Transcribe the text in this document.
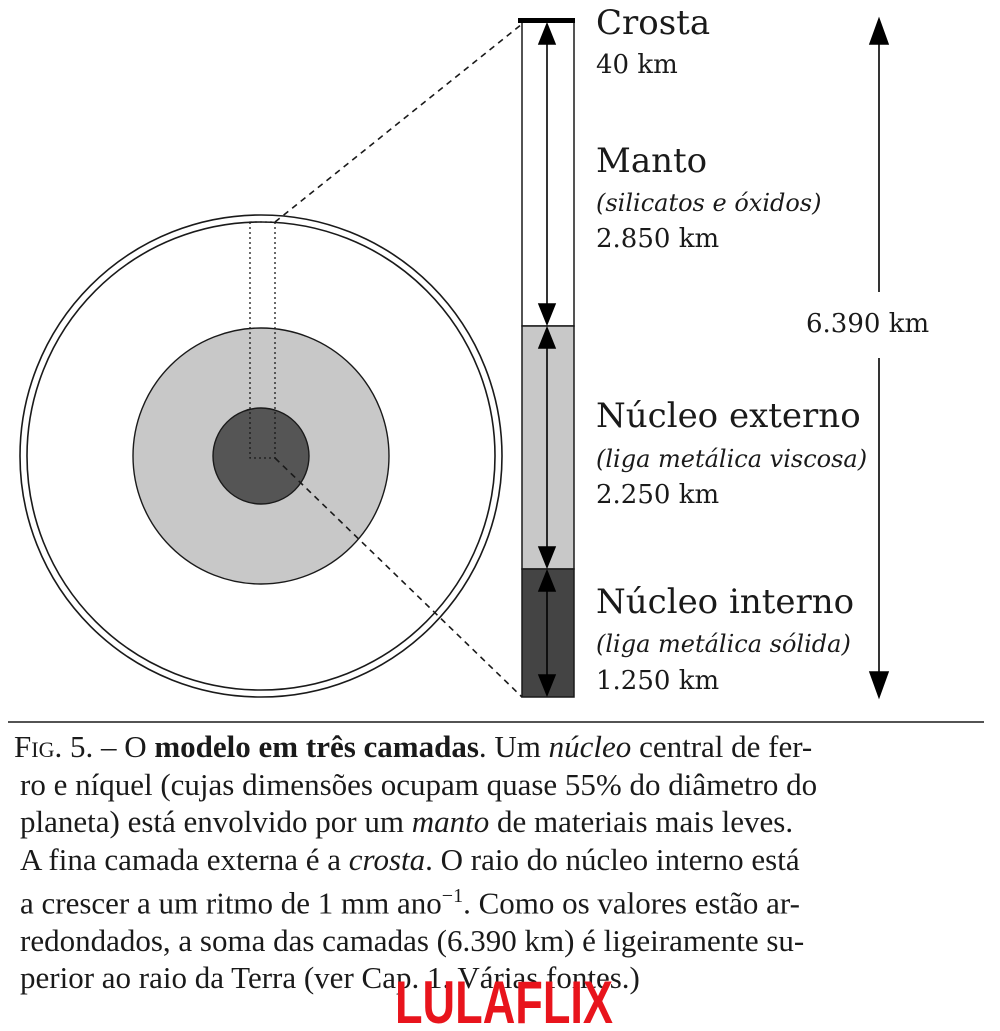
6.390 km
Crosta
40 km
Manto
(silicatos e óxidos)
2.850 km
Núcleo externo
(liga metálica viscosa)
2.250 km
Núcleo interno
(liga metálica sólida)
1.250 km
Fig. 5. – O modelo em três camadas. Um núcleo central de fer-
ro e níquel (cujas dimensões ocupam quase 55% do diâmetro do
planeta) está envolvido por um manto de materiais mais leves.
A fina camada externa é a crosta. O raio do núcleo interno está
a crescer a um ritmo de 1 mm ano$^{-1}$. Como os valores estão ar-
redondados, a soma das camadas (6.390 km) é ligeiramente su-
perior ao raio da Terra (ver Cap. 1. Várias fontes.)
LULAFLIX
